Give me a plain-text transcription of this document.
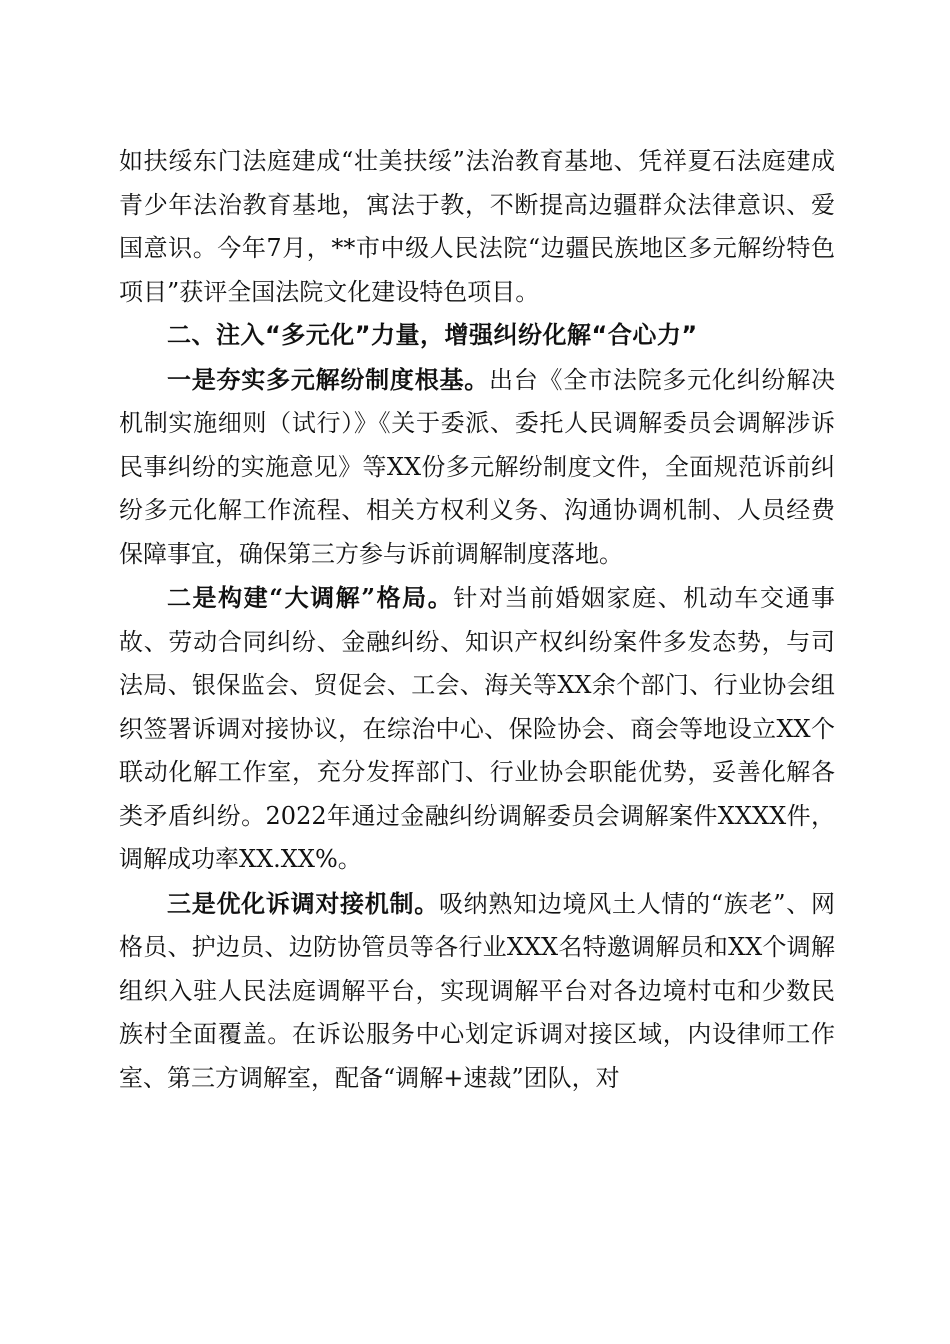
如扶绥东门法庭建成“壮美扶绥”法治教育基地、凭祥夏石法庭建成青少年法治教育基地，寓法于教，不断提高边疆群众法律意识、爱国意识。今年7月，**市中级人民法院“边疆民族地区多元解纷特色项目”获评全国法院文化建设特色项目。

二、注入“多元化”力量，增强纠纷化解“合心力”

一是夯实多元解纷制度根基。出台《全市法院多元化纠纷解决机制实施细则（试行）》《关于委派、委托人民调解委员会调解涉诉民事纠纷的实施意见》等XX份多元解纷制度文件，全面规范诉前纠纷多元化解工作流程、相关方权利义务、沟通协调机制、人员经费保障事宜，确保第三方参与诉前调解制度落地。

二是构建“大调解”格局。针对当前婚姻家庭、机动车交通事故、劳动合同纠纷、金融纠纷、知识产权纠纷案件多发态势，与司法局、银保监会、贸促会、工会、海关等XX余个部门、行业协会组织签署诉调对接协议，在综治中心、保险协会、商会等地设立XX个联动化解工作室，充分发挥部门、行业协会职能优势，妥善化解各类矛盾纠纷。2022年通过金融纠纷调解委员会调解案件XXXX件，调解成功率XX.XX%。

三是优化诉调对接机制。吸纳熟知边境风土人情的“族老”、网格员、护边员、边防协管员等各行业XXX名特邀调解员和XX个调解组织入驻人民法庭调解平台，实现调解平台对各边境村屯和少数民族村全面覆盖。在诉讼服务中心划定诉调对接区域，内设律师工作室、第三方调解室，配备“调解+速裁”团队，对
